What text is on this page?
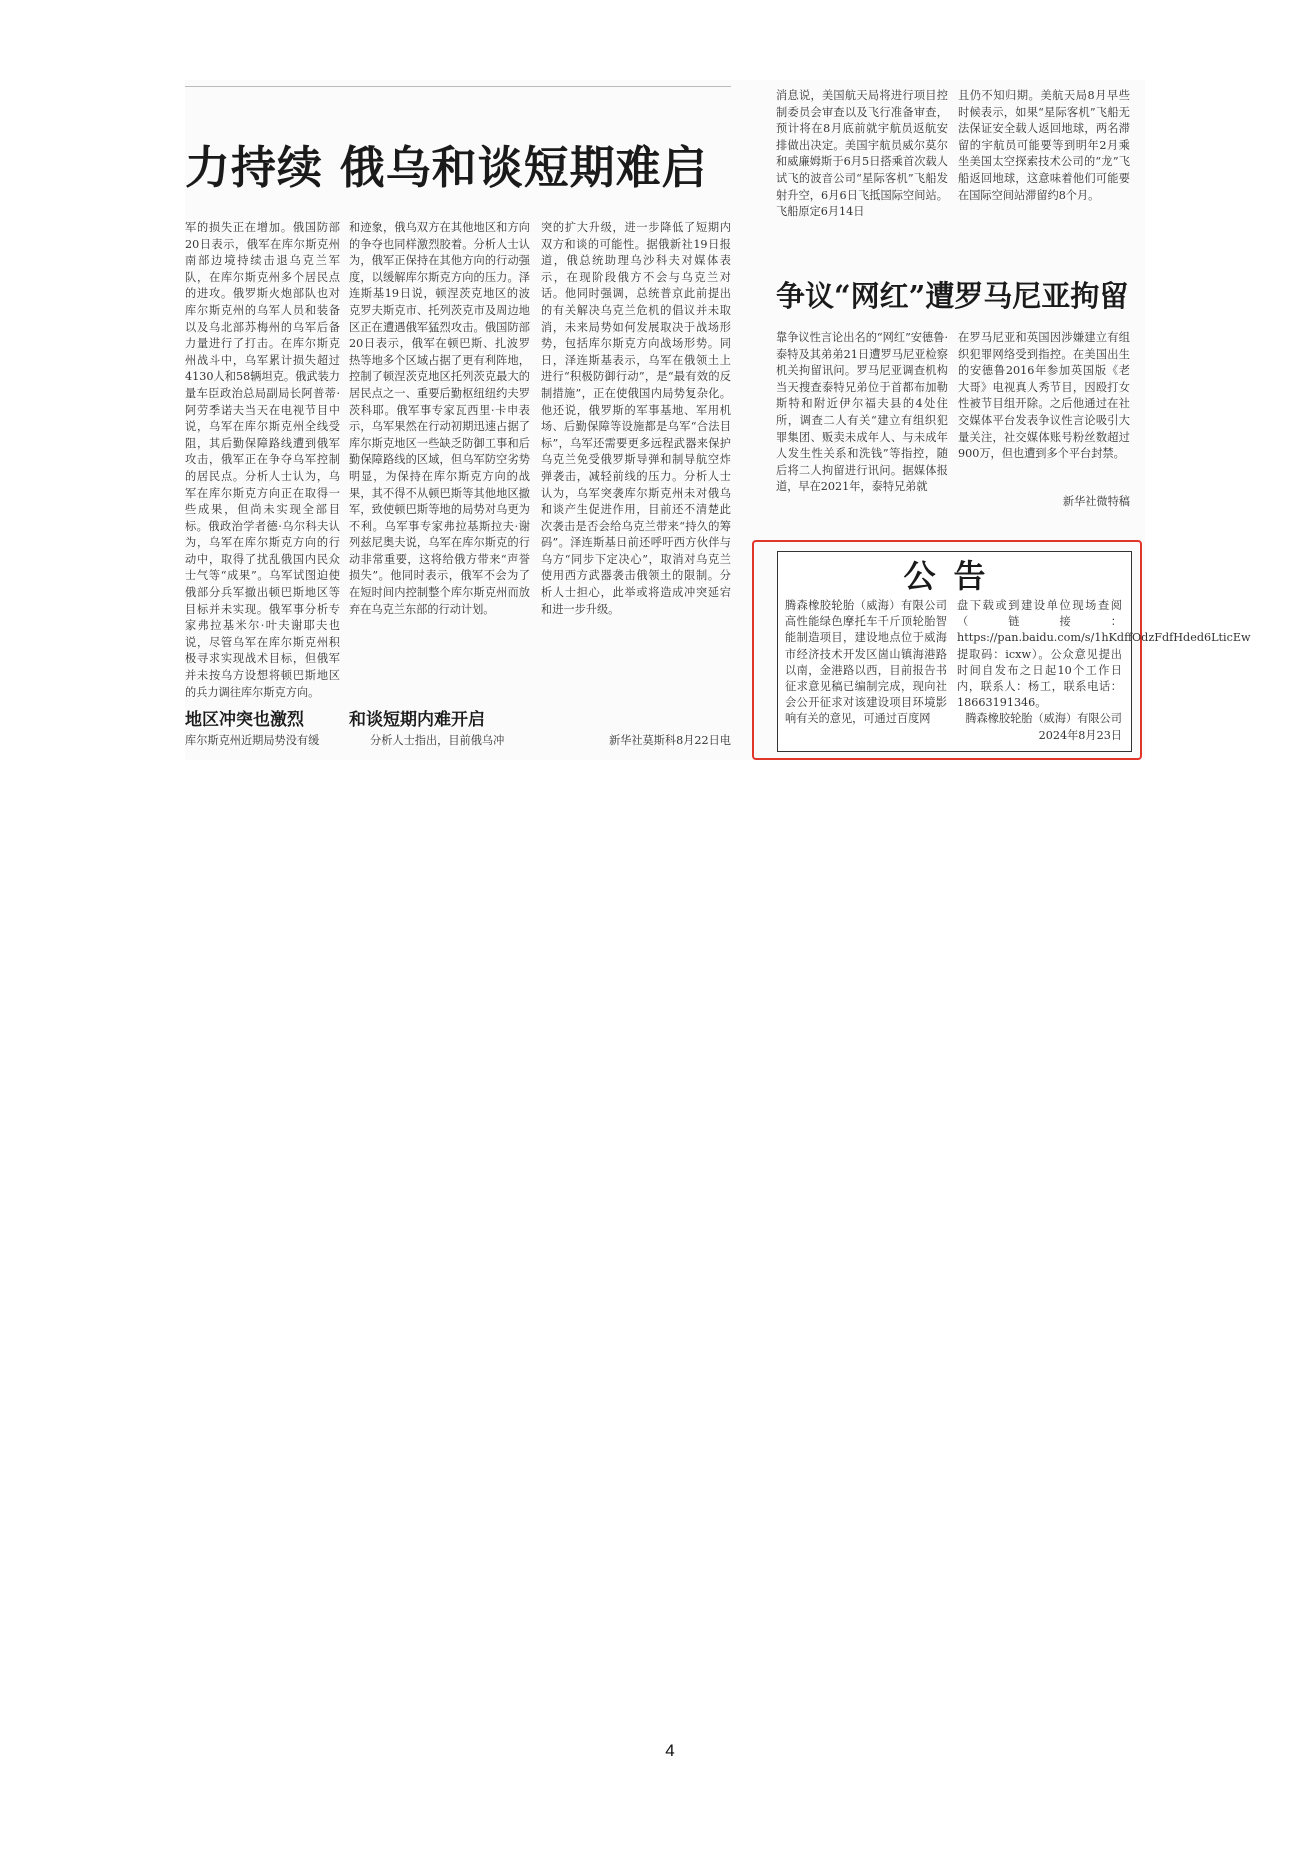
力持续 俄乌和谈短期难启
军的损失正在增加。俄国防部20日表示，俄军在库尔斯克州南部边境持续击退乌克兰军队，在库尔斯克州多个居民点的进攻。俄罗斯火炮部队也对库尔斯克州的乌军人员和装备以及乌北部苏梅州的乌军后备力量进行了打击。在库尔斯克州战斗中，乌军累计损失超过4130人和58辆坦克。俄武装力量车臣政治总局副局长阿普蒂·阿劳季诺夫当天在电视节目中说，乌军在库尔斯克州全线受阻，其后勤保障路线遭到俄军攻击，俄军正在争夺乌军控制的居民点。分析人士认为，乌军在库尔斯克方向正在取得一些成果，但尚未实现全部目标。俄政治学者德·乌尔科夫认为，乌军在库尔斯克方向的行动中，取得了扰乱俄国内民众士气等“成果”。乌军试图迫使俄部分兵军撤出顿巴斯地区等目标并未实现。俄军事分析专家弗拉基米尔·叶夫谢耶夫也说，尽管乌军在库尔斯克州积极寻求实现战术目标，但俄军并未按乌方设想将顿巴斯地区的兵力调往库尔斯克方向。
和迹象，俄乌双方在其他地区和方向的争夺也同样激烈胶着。分析人士认为，俄军正保持在其他方向的行动强度，以缓解库尔斯克方向的压力。泽连斯基19日说，顿涅茨克地区的波克罗夫斯克市、托列茨克市及周边地区正在遭遇俄军猛烈攻击。俄国防部20日表示，俄军在顿巴斯、扎波罗热等地多个区域占据了更有利阵地，控制了顿涅茨克地区托列茨克最大的居民点之一、重要后勤枢纽纽约夫罗茨科耶。俄军事专家瓦西里·卡申表示，乌军果然在行动初期迅速占据了库尔斯克地区一些缺乏防御工事和后勤保障路线的区域，但乌军防空劣势明显，为保持在库尔斯克方向的战果，其不得不从顿巴斯等其他地区撤军，致使顿巴斯等地的局势对乌更为不利。乌军事专家弗拉基斯拉夫·谢列兹尼奥夫说，乌军在库尔斯克的行动非常重要，这将给俄方带来“声誉损失”。他同时表示，俄军不会为了在短时间内控制整个库尔斯克州而放弃在乌克兰东部的行动计划。
突的扩大升级，进一步降低了短期内双方和谈的可能性。据俄新社19日报道，俄总统助理乌沙科夫对媒体表示，在现阶段俄方不会与乌克兰对话。他同时强调，总统普京此前提出的有关解决乌克兰危机的倡议并未取消，未来局势如何发展取决于战场形势，包括库尔斯克方向战场形势。同日，泽连斯基表示，乌军在俄领土上进行“积极防御行动”，是“最有效的反制措施”，正在使俄国内局势复杂化。他还说，俄罗斯的军事基地、军用机场、后勤保障等设施都是乌军“合法目标”，乌军还需要更多远程武器来保护乌克兰免受俄罗斯导弹和制导航空炸弹袭击，减轻前线的压力。分析人士认为，乌军突袭库尔斯克州未对俄乌和谈产生促进作用，目前还不清楚此次袭击是否会给乌克兰带来“持久的筹码”。泽连斯基日前还呼吁西方伙伴与乌方“同步下定决心”，取消对乌克兰使用西方武器袭击俄领土的限制。分析人士担心，此举或将造成冲突延宕和进一步升级。
地区冲突也激烈
库尔斯克州近期局势没有缓
和谈短期内难开启
分析人士指出，目前俄乌冲	新华社莫斯科8月22日电
消息说，美国航天局将进行项目控制委员会审查以及飞行准备审查，预计将在8月底前就宇航员返航安排做出决定。美国宇航员威尔莫尔和威廉姆斯于6月5日搭乘首次载人试飞的波音公司“星际客机”飞船发射升空，6月6日飞抵国际空间站。飞船原定6月14日
且仍不知归期。美航天局8月早些时候表示，如果“星际客机”飞船无法保证安全载人返回地球，两名滞留的宇航员可能要等到明年2月乘坐美国太空探索技术公司的“龙”飞船返回地球，这意味着他们可能要在国际空间站滞留约8个月。
争议“网红”遭罗马尼亚拘留
靠争议性言论出名的“网红”安德鲁·泰特及其弟弟21日遭罗马尼亚检察机关拘留讯问。罗马尼亚调查机构当天搜查泰特兄弟位于首都布加勒斯特和附近伊尔福夫县的4处住所，调查二人有关“建立有组织犯罪集团、贩卖未成年人、与未成年人发生性关系和洗钱”等指控，随后将二人拘留进行讯问。据媒体报道，早在2021年，泰特兄弟就
在罗马尼亚和英国因涉嫌建立有组织犯罪网络受到指控。在美国出生的安德鲁2016年参加英国版《老大哥》电视真人秀节目，因殴打女性被节目组开除。之后他通过在社交媒体平台发表争议性言论吸引大量关注，社交媒体账号粉丝数超过900万，但也遭到多个平台封禁。
新华社微特稿
公告
腾森橡胶轮胎（威海）有限公司高性能绿色摩托车千斤顶轮胎智能制造项目，建设地点位于威海市经济技术开发区崮山镇海港路以南，金港路以西，目前报告书征求意见稿已编制完成，现向社会公开征求对该建设项目环境影响有关的意见，可通过百度网

盘下载或到建设单位现场查阅（链接：https://pan.baidu.com/s/1hKdffOdzFdfHded6LticEw 提取码：icxw）。公众意见提出时间自发布之日起10个工作日内，联系人：杨工，联系电话：18663191346。

腾森橡胶轮胎（威海）有限公司

2024年8月23日

4
